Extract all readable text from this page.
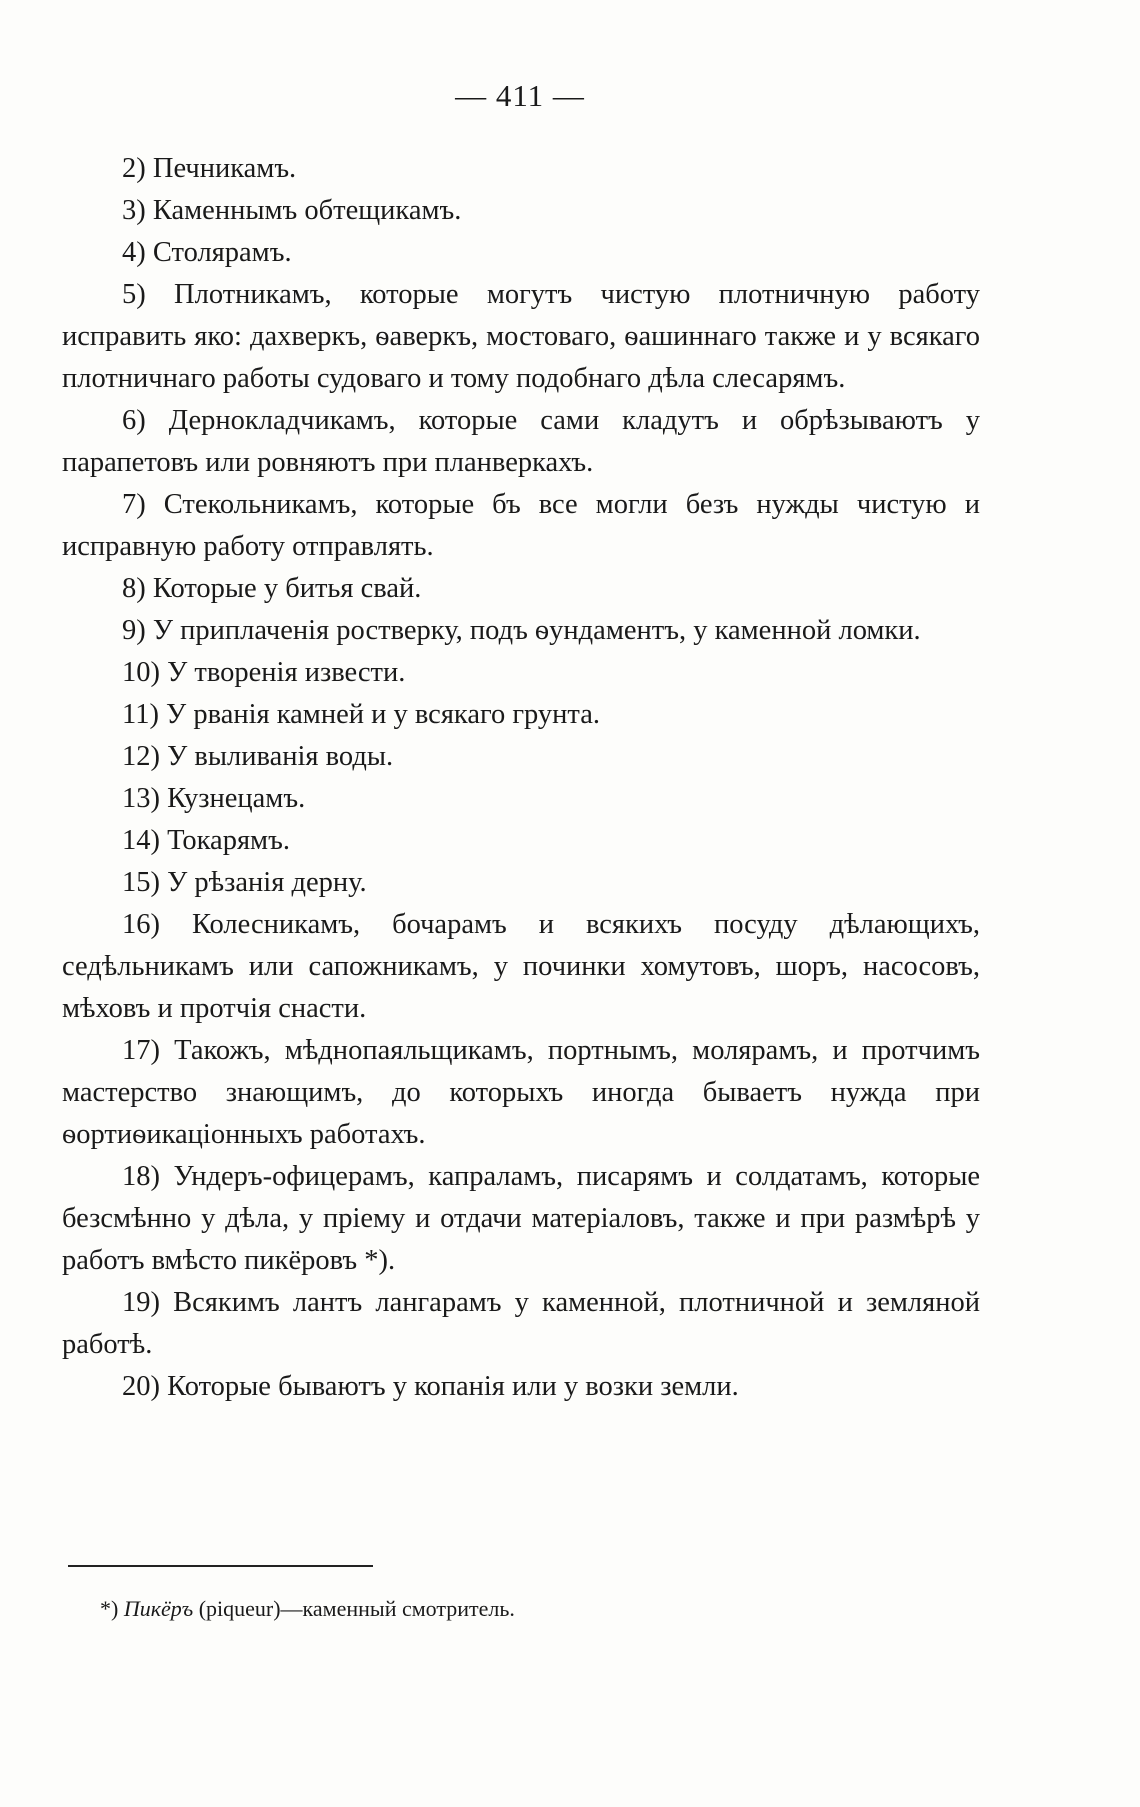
— 411 —

2) Печникамъ.

3) Каменнымъ обтещикамъ.

4) Столярамъ.

5) Плотникамъ, которые могутъ чистую плотничную работу исправить яко: дахверкъ, ѳаверкъ, мостоваго, ѳашиннаго также и у всякаго плотничнаго работы судоваго и тому подобнаго дѣла слесарямъ.

6) Дернокладчикамъ, которые сами кладутъ и обрѣзываютъ у парапетовъ или ровняютъ при планверкахъ.

7) Стекольникамъ, которые бъ все могли безъ нужды чистую и исправную работу отправлять.

8) Которые у битья свай.

9) У приплаченія ростверку, подъ ѳундаментъ, у каменной ломки.

10) У творенія извести.

11) У рванія камней и у всякаго грунта.

12) У выливанія воды.

13) Кузнецамъ.

14) Токарямъ.

15) У рѣзанія дерну.

16) Колесникамъ, бочарамъ и всякихъ посуду дѣлающихъ, седѣльникамъ или сапожникамъ, у починки хомутовъ, шоръ, насосовъ, мѣховъ и протчія снасти.

17) Такожъ, мѣднопаяльщикамъ, портнымъ, молярамъ, и протчимъ мастерство знающимъ, до которыхъ иногда бываетъ нужда при ѳортиѳикаціонныхъ работахъ.

18) Ундеръ-офицерамъ, капраламъ, писарямъ и солдатамъ, которые безсмѣнно у дѣла, у пріему и отдачи матеріаловъ, также и при размѣрѣ у работъ вмѣсто пикёровъ *).

19) Всякимъ лантъ лангарамъ у каменной, плотничной и земляной работѣ.

20) Которые бываютъ у копанія или у возки земли.

*) Пикёръ (piqueur)—каменный смотритель.
